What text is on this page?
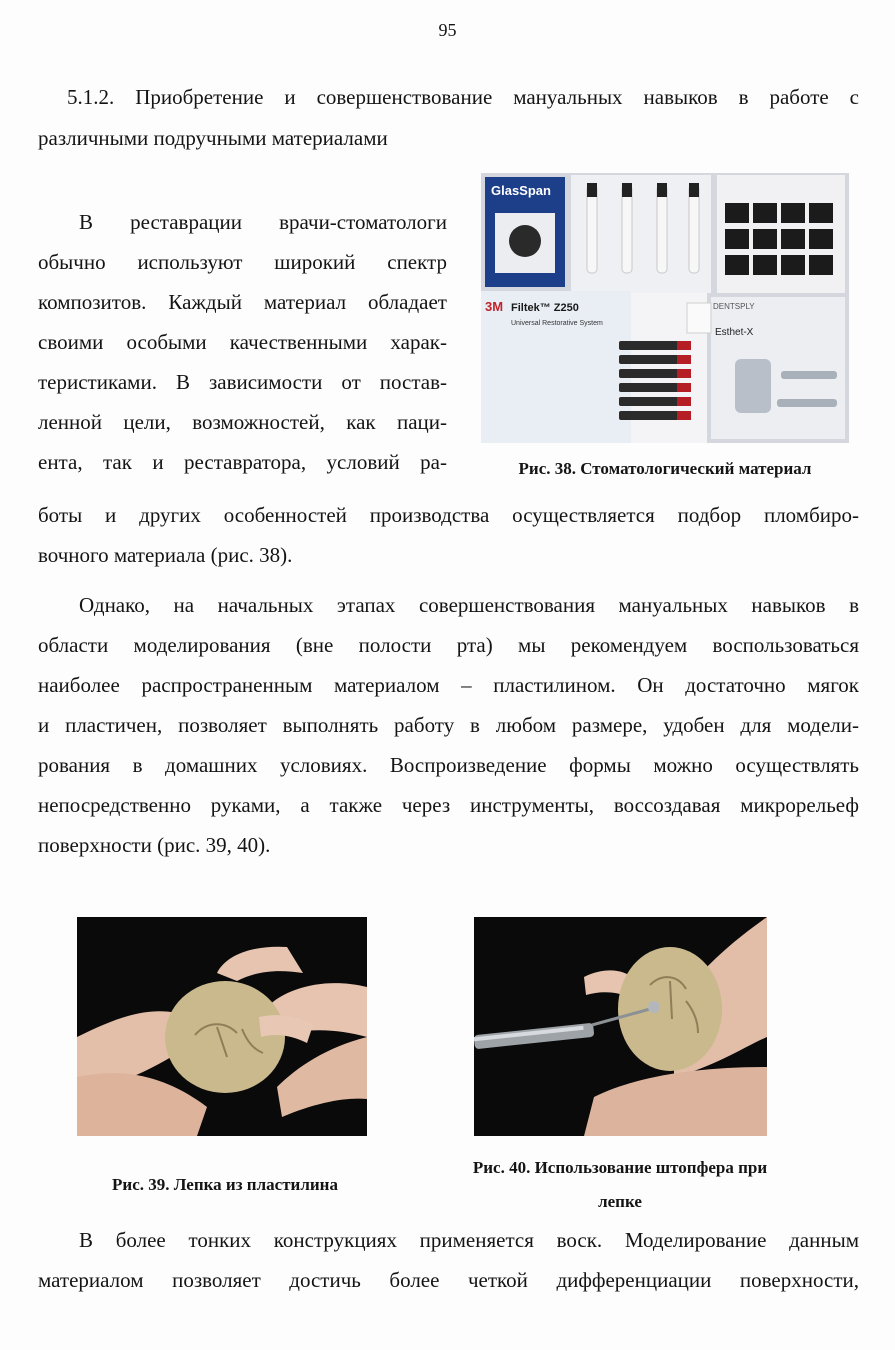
95
5.1.2. Приобретение и совершенствование мануальных навыков в работе с
различными подручными материалами
В реставрации врачи-стоматологи
обычно используют широкий спектр
композитов. Каждый материал обладает
своими особыми качественными харак-
теристиками. В зависимости от постав-
ленной цели, возможностей, как паци-
ента, так и реставратора, условий ра-
боты и других особенностей производства осуществляется подбор пломбиро-
вочного материала (рис. 38).
GlasSpan
3M Filtek™ Z250
Universal Restorative System
DENTSPLY
Esthet-X
Рис. 38. Стоматологический материал
Однако, на начальных этапах совершенствования мануальных навыков в
области моделирования (вне полости рта) мы рекомендуем воспользоваться
наиболее распространенным материалом – пластилином. Он достаточно мягок
и пластичен, позволяет выполнять работу в любом размере, удобен для модели-
рования в домашних условиях. Воспроизведение формы можно осуществлять
непосредственно руками, а также через инструменты, воссоздавая микрорельеф
поверхности (рис. 39, 40).
Рис. 39. Лепка из пластилина
Рис. 40. Использование штопфера при
лепке
В более тонких конструкциях применяется воск. Моделирование данным
материалом позволяет достичь более четкой дифференциации поверхности,
